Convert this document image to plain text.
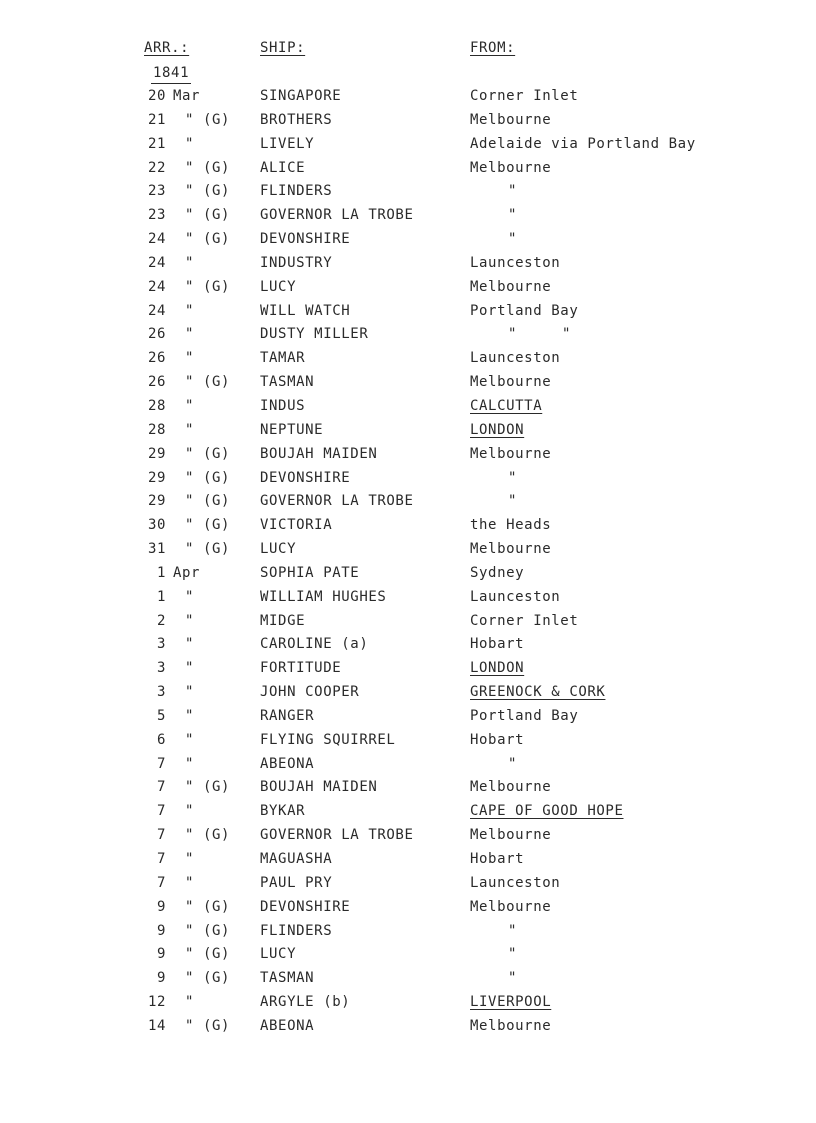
ARR.:	SHIP:	FROM:
1841
20 Mar	SINGAPORE	Corner Inlet
21	" (G) BROTHERS	Melbourne
21	"	LIVELY	Adelaide via Portland Bay
22	" (G) ALICE	Melbourne
23	" (G) FLINDERS	"
23	" (G) GOVERNOR LA TROBE	"
24	" (G) DEVONSHIRE	"
24	"	INDUSTRY	Launceston
24	" (G) LUCY	Melbourne
24	"	WILL WATCH	Portland Bay
26	"	DUSTY MILLER	" "
26	"	TAMAR	Launceston
26	" (G) TASMAN	Melbourne
28	"	INDUS	CALCUTTA
28	"	NEPTUNE	LONDON
29	" (G) BOUJAH MAIDEN	Melbourne
29	" (G) DEVONSHIRE	"
29	" (G) GOVERNOR LA TROBE	"
30	" (G) VICTORIA	the Heads
31	" (G) LUCY	Melbourne
1 Apr	SOPHIA PATE	Sydney
1	"	WILLIAM HUGHES	Launceston
2	"	MIDGE	Corner Inlet
3	"	CAROLINE (a)	Hobart
3	"	FORTITUDE	LONDON
3	"	JOHN COOPER	GREENOCK & CORK
5	"	RANGER	Portland Bay
6	"	FLYING SQUIRREL	Hobart
7	"	ABEONA	"
7	" (G) BOUJAH MAIDEN	Melbourne
7	"	BYKAR	CAPE OF GOOD HOPE
7	" (G) GOVERNOR LA TROBE	Melbourne
7	"	MAGUASHA	Hobart
7	"	PAUL PRY	Launceston
9	" (G) DEVONSHIRE	Melbourne
9	" (G) FLINDERS	"
9	" (G) LUCY	"
9	" (G) TASMAN	"
12	"	ARGYLE (b)	LIVERPOOL
14	" (G) ABEONA	Melbourne
